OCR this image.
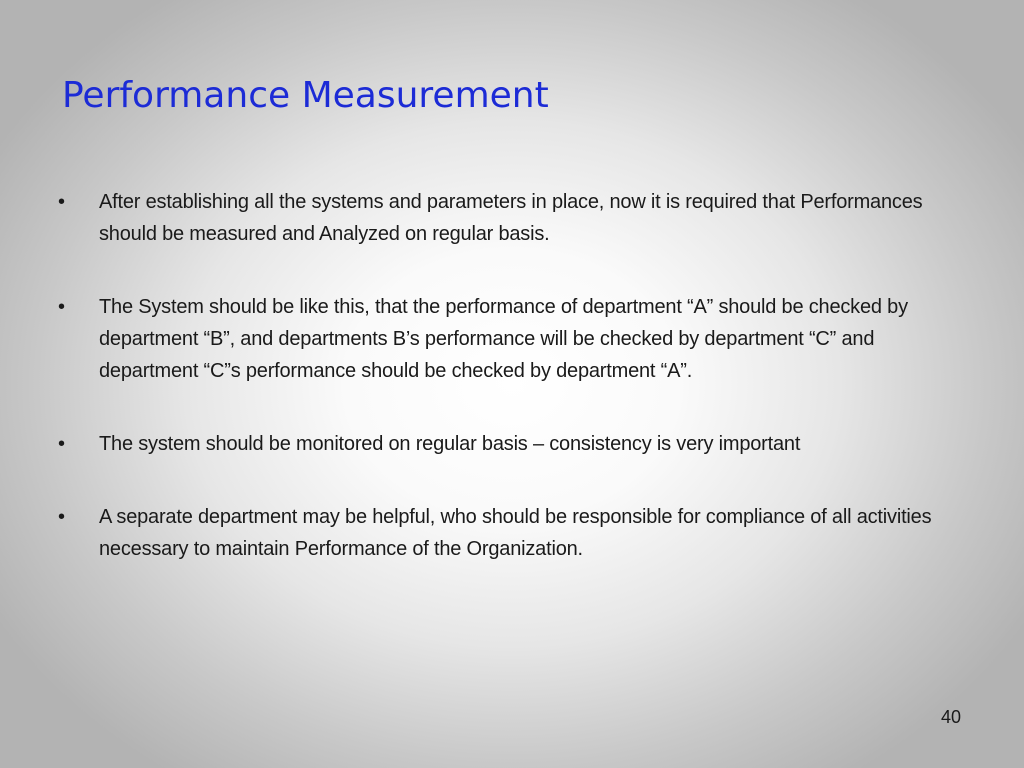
Performance Measurement
•	After establishing all the systems and parameters in place, now it is required that Performances should be measured and Analyzed on regular basis.
•	The System should be like this, that the performance of department “A” should be checked by department “B”, and departments B’s performance will be checked by department “C” and department “C”s performance should be checked by department “A”.
•	The system should be monitored on regular basis – consistency is very important
•	A separate department may be helpful, who should be responsible for compliance of all activities necessary to maintain Performance of the Organization.
40
